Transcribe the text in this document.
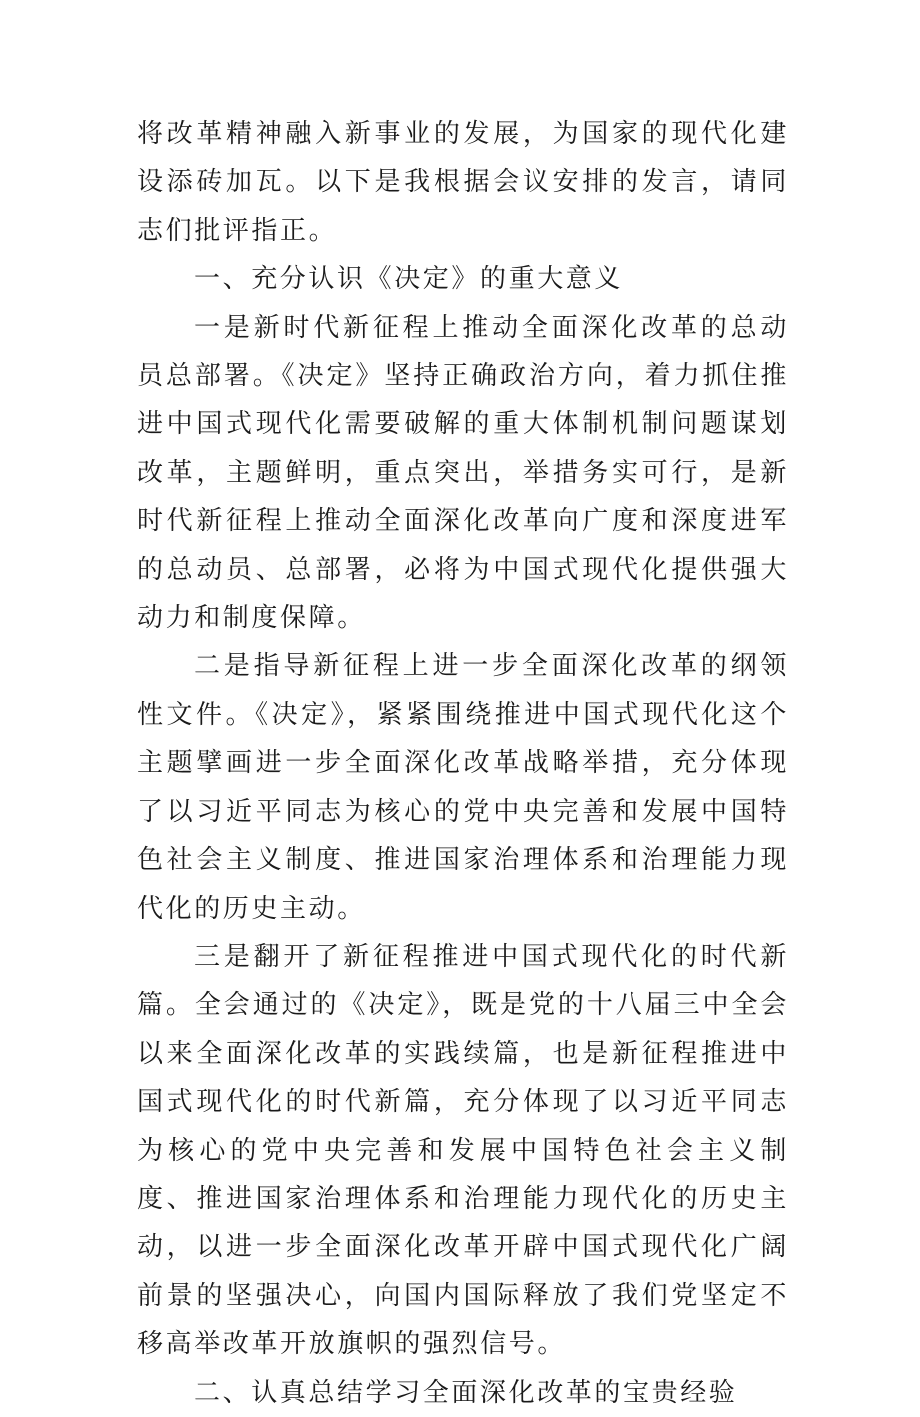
将改革精神融入新事业的发展，为国家的现代化建设添砖加瓦。以下是我根据会议安排的发言，请同志们批评指正。

一、充分认识《决定》的重大意义

一是新时代新征程上推动全面深化改革的总动员总部署。《决定》坚持正确政治方向，着力抓住推进中国式现代化需要破解的重大体制机制问题谋划改革，主题鲜明，重点突出，举措务实可行，是新时代新征程上推动全面深化改革向广度和深度进军的总动员、总部署，必将为中国式现代化提供强大动力和制度保障。

二是指导新征程上进一步全面深化改革的纲领性文件。《决定》，紧紧围绕推进中国式现代化这个主题擘画进一步全面深化改革战略举措，充分体现了以习近平同志为核心的党中央完善和发展中国特色社会主义制度、推进国家治理体系和治理能力现代化的历史主动。

三是翻开了新征程推进中国式现代化的时代新篇。全会通过的《决定》，既是党的十八届三中全会以来全面深化改革的实践续篇，也是新征程推进中国式现代化的时代新篇，充分体现了以习近平同志为核心的党中央完善和发展中国特色社会主义制度、推进国家治理体系和治理能力现代化的历史主动，以进一步全面深化改革开辟中国式现代化广阔前景的坚强决心，向国内国际释放了我们党坚定不移高举改革开放旗帜的强烈信号。

二、认真总结学习全面深化改革的宝贵经验
